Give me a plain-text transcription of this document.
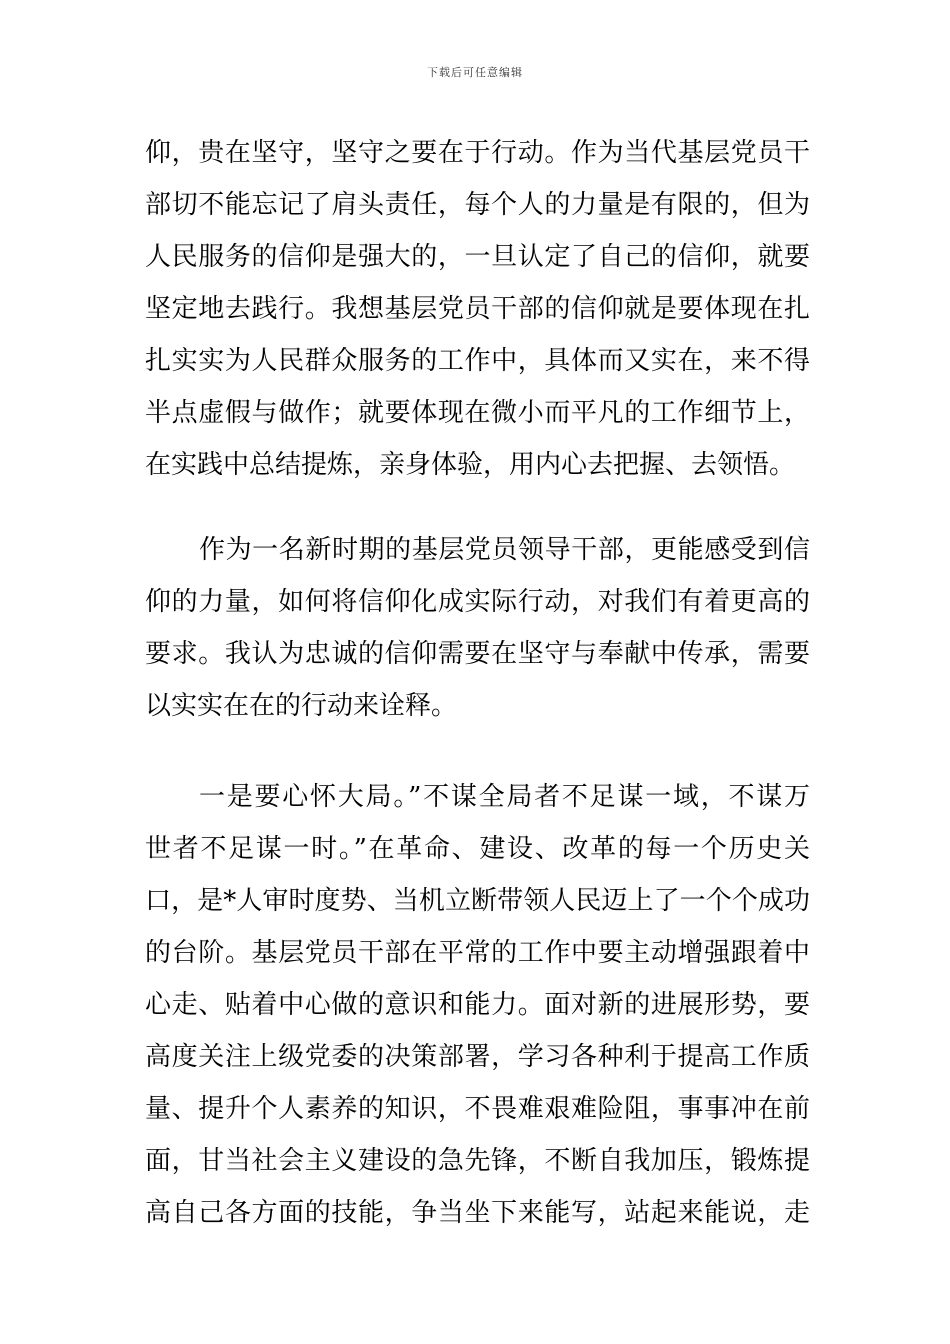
下载后可任意编辑
仰，贵在坚守，坚守之要在于行动。作为当代基层党员干
部切不能忘记了肩头责任，每个人的力量是有限的，但为
人民服务的信仰是强大的，一旦认定了自己的信仰，就要
坚定地去践行。我想基层党员干部的信仰就是要体现在扎
扎实实为人民群众服务的工作中，具体而又实在，来不得
半点虚假与做作；就要体现在微小而平凡的工作细节上，
在实践中总结提炼，亲身体验，用内心去把握、去领悟。
作为一名新时期的基层党员领导干部，更能感受到信
仰的力量，如何将信仰化成实际行动，对我们有着更高的
要求。我认为忠诚的信仰需要在坚守与奉献中传承，需要
以实实在在的行动来诠释。
一是要心怀大局。”不谋全局者不足谋一域，不谋万
世者不足谋一时。”在革命、建设、改革的每一个历史关
口，是*人审时度势、当机立断带领人民迈上了一个个成功
的台阶。基层党员干部在平常的工作中要主动增强跟着中
心走、贴着中心做的意识和能力。面对新的进展形势，要
高度关注上级党委的决策部署，学习各种利于提高工作质
量、提升个人素养的知识，不畏难艰难险阻，事事冲在前
面，甘当社会主义建设的急先锋，不断自我加压，锻炼提
高自己各方面的技能，争当坐下来能写，站起来能说，走
